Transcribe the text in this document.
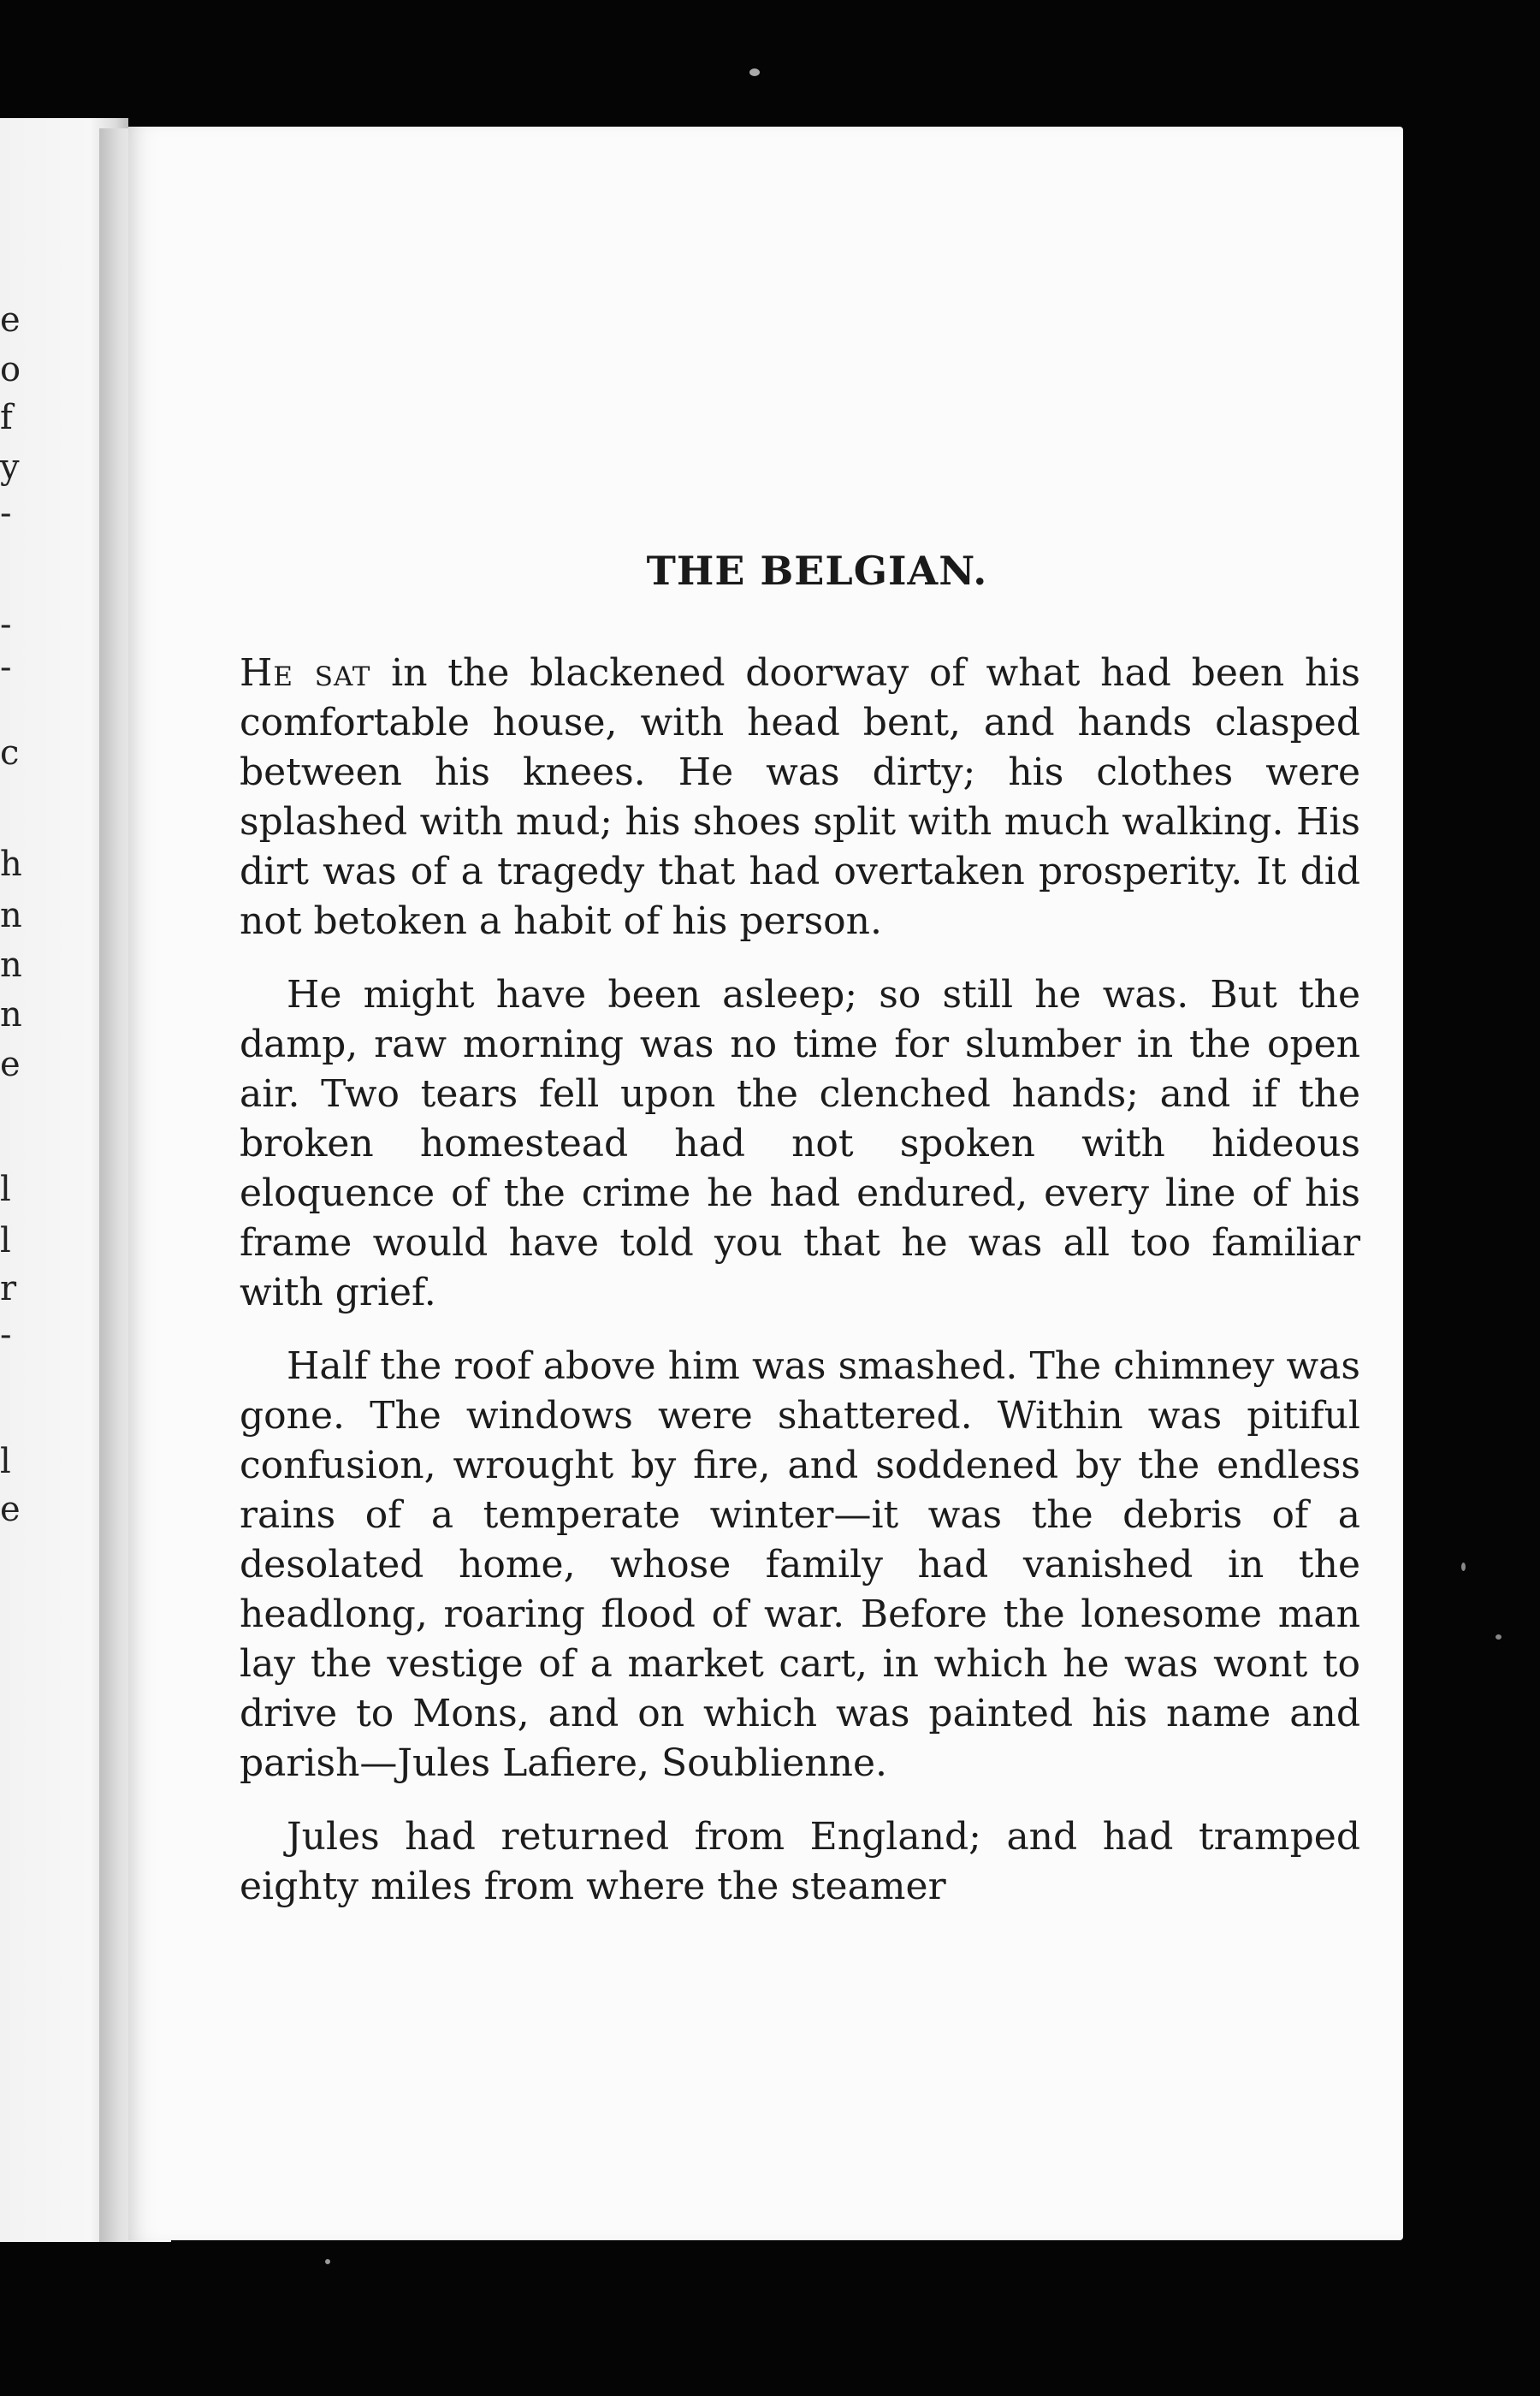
e
o
f
y
-
-
-
c
h
n
n
n
e
l
l
r
-
l
e
THE BELGIAN.

He sat in the blackened doorway of what had been his comfortable house, with head bent, and hands clasped between his knees. He was dirty; his clothes were splashed with mud; his shoes split with much walking. His dirt was of a tragedy that had overtaken prosperity. It did not betoken a habit of his person.

He might have been asleep; so still he was. But the damp, raw morning was no time for slumber in the open air. Two tears fell upon the clenched hands; and if the broken homestead had not spoken with hideous eloquence of the crime he had endured, every line of his frame would have told you that he was all too familiar with grief.

Half the roof above him was smashed. The chimney was gone. The windows were shattered. Within was pitiful confusion, wrought by fire, and soddened by the endless rains of a temperate winter—it was the debris of a desolated home, whose family had vanished in the headlong, roaring flood of war. Before the lonesome man lay the vestige of a market cart, in which he was wont to drive to Mons, and on which was painted his name and parish—Jules Lafiere, Soublienne.

Jules had returned from England; and had tramped eighty miles from where the steamer
